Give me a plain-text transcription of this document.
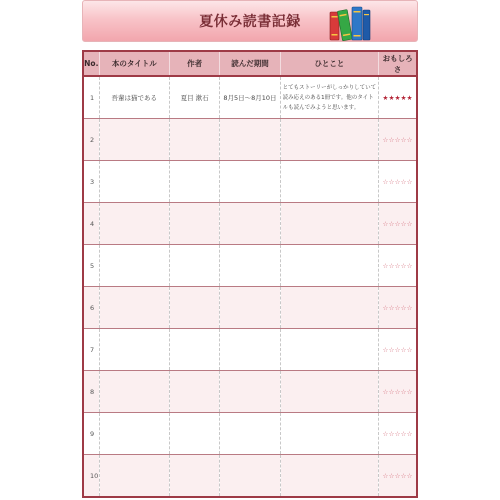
夏休み読書記録
No.	本のタイトル	作者	読んだ期間	ひとこと	おもしろさ
1	吾輩は猫である	夏目 漱石	8月5日～8月10日	とてもストーリーがしっかりしていて読み応えのある1冊です。他のタイトルも読んでみようと思います。	★★★★★
2					☆☆☆☆☆
3					☆☆☆☆☆
4					☆☆☆☆☆
5					☆☆☆☆☆
6					☆☆☆☆☆
7					☆☆☆☆☆
8					☆☆☆☆☆
9					☆☆☆☆☆
10					☆☆☆☆☆
